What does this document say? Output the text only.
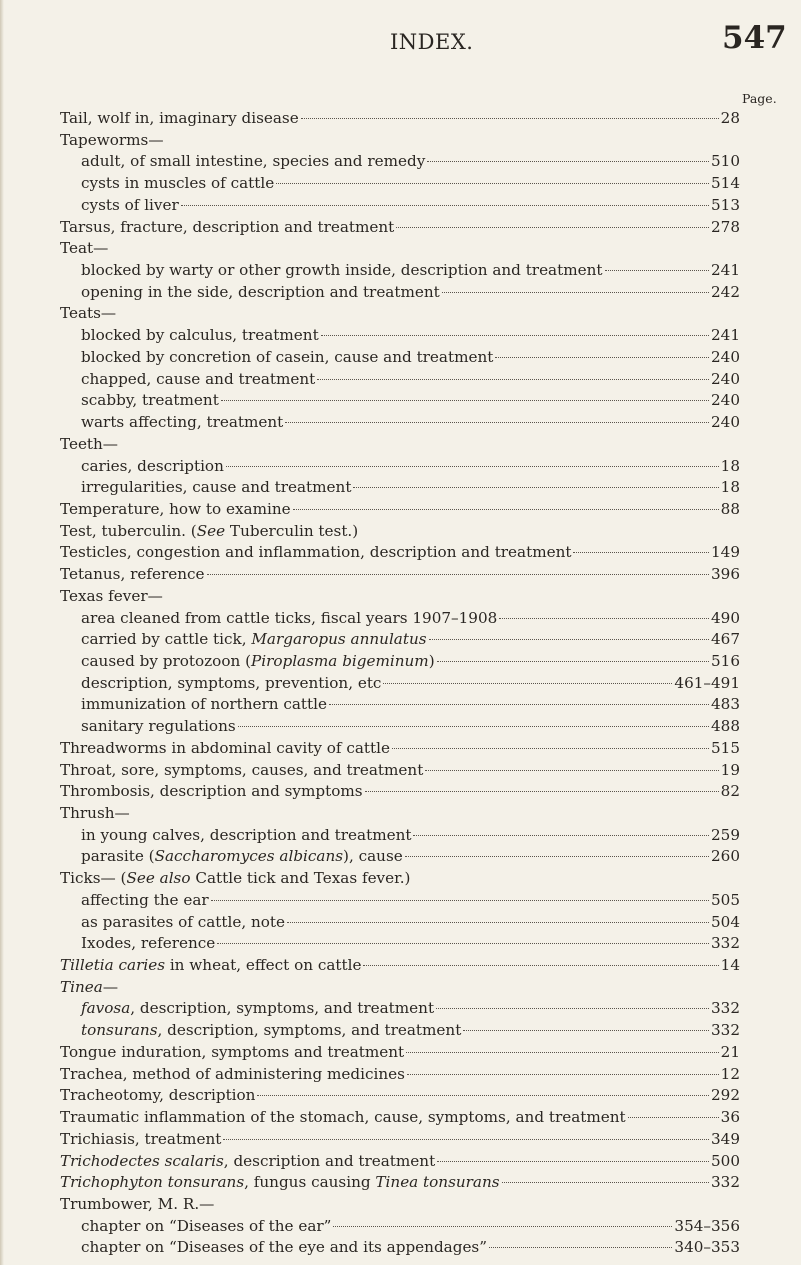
INDEX.	547
Page.
Tail, wolf in, imaginary disease	28
Tapeworms—
adult, of small intestine, species and remedy	510
cysts in muscles of cattle	514
cysts of liver	513
Tarsus, fracture, description and treatment	278
Teat—
blocked by warty or other growth inside, description and treatment	241
opening in the side, description and treatment	242
Teats—
blocked by calculus, treatment	241
blocked by concretion of casein, cause and treatment	240
chapped, cause and treatment	240
scabby, treatment	240
warts affecting, treatment	240
Teeth—
caries, description	18
irregularities, cause and treatment	18
Temperature, how to examine	88
Test, tuberculin. (See Tuberculin test.)
Testicles, congestion and inflammation, description and treatment	149
Tetanus, reference	396
Texas fever—
area cleaned from cattle ticks, fiscal years 1907–1908	490
carried by cattle tick, Margaropus annulatus	467
caused by protozoon (Piroplasma bigeminum)	516
description, symptoms, prevention, etc	461–491
immunization of northern cattle	483
sanitary regulations	488
Threadworms in abdominal cavity of cattle	515
Throat, sore, symptoms, causes, and treatment	19
Thrombosis, description and symptoms	82
Thrush—
in young calves, description and treatment	259
parasite (Saccharomyces albicans), cause	260
Ticks— (See also Cattle tick and Texas fever.)
affecting the ear	505
as parasites of cattle, note	504
Ixodes, reference	332
Tilletia caries in wheat, effect on cattle	14
Tinea—
favosa, description, symptoms, and treatment	332
tonsurans, description, symptoms, and treatment	332
Tongue induration, symptoms and treatment	21
Trachea, method of administering medicines	12
Tracheotomy, description	292
Traumatic inflammation of the stomach, cause, symptoms, and treatment	36
Trichiasis, treatment	349
Trichodectes scalaris, description and treatment	500
Trichophyton tonsurans, fungus causing Tinea tonsurans	332
Trumbower, M. R.—
chapter on “Diseases of the ear”	354–356
chapter on “Diseases of the eye and its appendages”	340–353
